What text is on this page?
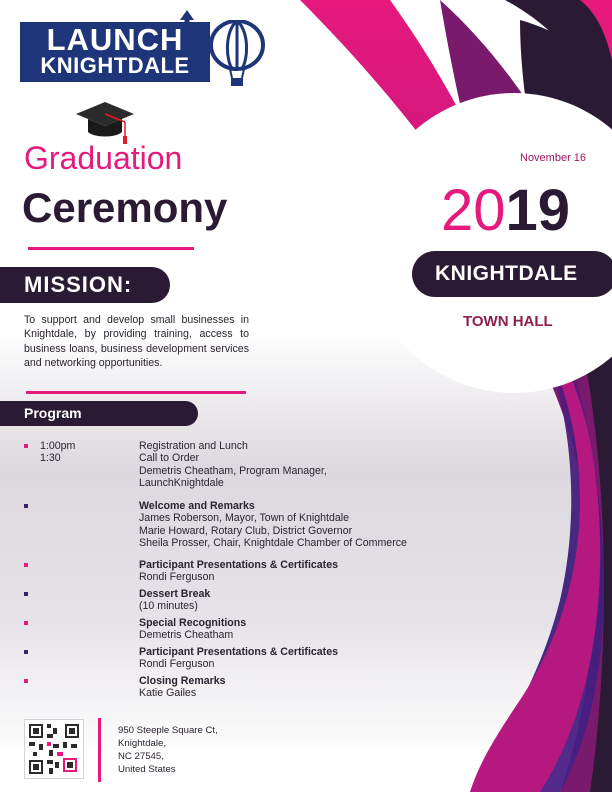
LAUNCH
KNIGHTDALE
Graduation
Ceremony
MISSION:
To support and develop small businesses in Knightdale, by providing training, access to business loans, business development services and networking opportunities.
Program
1:00pm
1:30
Registration and Lunch
Call to Order
Demetris Cheatham, Program Manager,
LaunchKnightdale
Welcome and Remarks
James Roberson, Mayor, Town of Knightdale
Marie Howard, Rotary Club, District Governor
Sheila Prosser, Chair, Knightdale Chamber of Commerce
Participant Presentations & Certificates
Rondi Ferguson
Dessert Break
(10 minutes)
Special Recognitions
Demetris Cheatham
Participant Presentations & Certificates
Rondi Ferguson
Closing Remarks
Katie Gailes
November 16
2019
KNIGHTDALE
TOWN HALL
950 Steeple Square Ct,
Knightdale,
NC 27545,
United States
